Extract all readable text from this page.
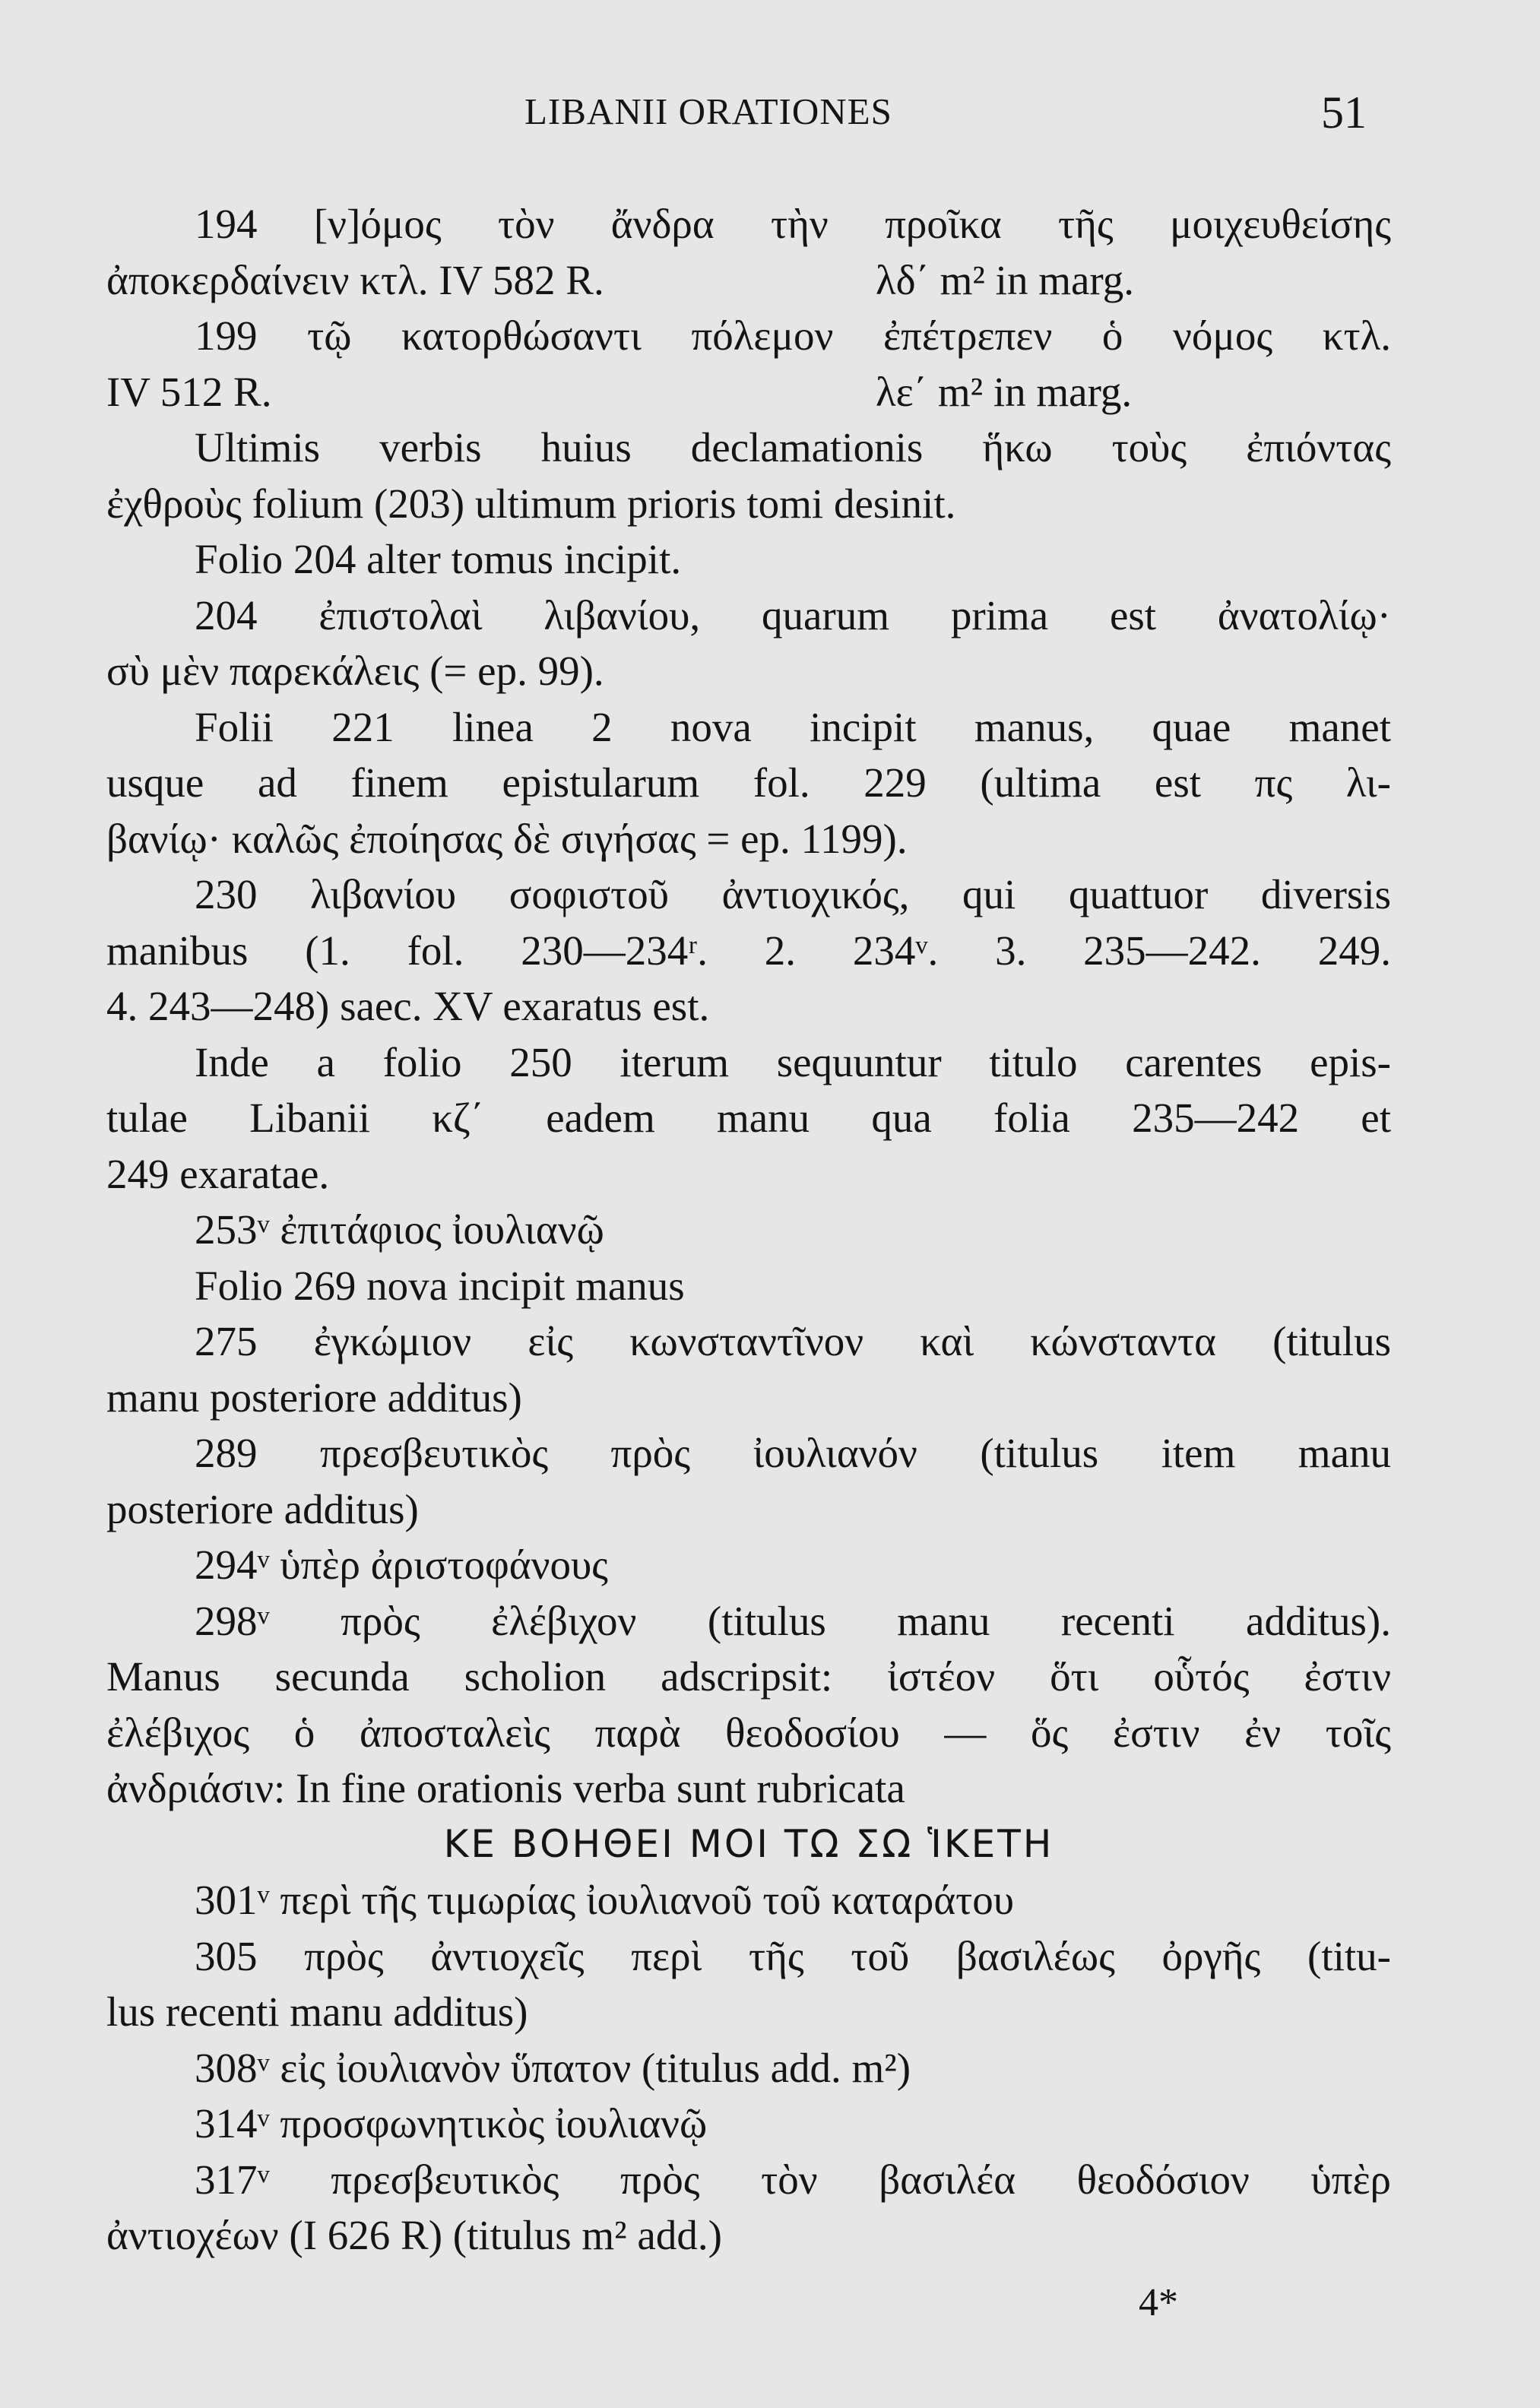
LIBANII ORATIONES	51
194 [ν]όμος τὸν ἄνδρα τὴν προῖκα τῆς μοιχευθείσης
ἀποκερδαίνειν κτλ. IV 582 R.	λδ΄ m² in marg.
199 τῷ κατορθώσαντι πόλεμον ἐπέτρεπεν ὁ νόμος κτλ.
IV 512 R.	λε΄ m² in marg.
Ultimis verbis huius declamationis ἥκω τοὺς ἐπιόντας
ἐχθροὺς folium (203) ultimum prioris tomi desinit.
Folio 204 alter tomus incipit.
204 ἐπιστολαὶ λιβανίου, quarum prima est ἀνατολίῳ·
σὺ μὲν παρεκάλεις (= ep. 99).
Folii 221 linea 2 nova incipit manus, quae manet
usque ad finem epistularum fol. 229 (ultima est πς λι-
βανίῳ· καλῶς ἐποίησας δὲ σιγήσας = ep. 1199).
230 λιβανίου σοφιστοῦ ἀντιοχικός, qui quattuor diversis
manibus (1. fol. 230—234ʳ. 2. 234ᵛ. 3. 235—242. 249.
4. 243—248) saec. XV exaratus est.
Inde a folio 250 iterum sequuntur titulo carentes epis-
tulae Libanii κζ΄ eadem manu qua folia 235—242 et
249 exaratae.
253ᵛ ἐπιτάφιος ἰουλιανῷ
Folio 269 nova incipit manus
275 ἐγκώμιον εἰς κωνσταντῖνον καὶ κώνσταντα (titulus
manu posteriore additus)
289 πρεσβευτικὸς πρὸς ἰουλιανόν (titulus item manu
posteriore additus)
294ᵛ ὑπὲρ ἀριστοφάνους
298ᵛ πρὸς ἐλέβιχον (titulus manu recenti additus).
Manus secunda scholion adscripsit: ἰστέον ὅτι οὗτός ἐστιν
ἐλέβιχος ὁ ἀποσταλεὶς παρὰ θεοδοσίου — ὅς ἐστιν ἐν τοῖς
ἀνδριάσιν: In fine orationis verba sunt rubricata
ΚΕ ΒΟΗΘΕΙ ΜΟΙ ΤΩ ΣΩ ἹΚΕΤΗ
301ᵛ περὶ τῆς τιμωρίας ἰουλιανοῦ τοῦ καταράτου
305 πρὸς ἀντιοχεῖς περὶ τῆς τοῦ βασιλέως ὀργῆς (titu-
lus recenti manu additus)
308ᵛ εἰς ἰουλιανὸν ὕπατον (titulus add. m²)
314ᵛ προσφωνητικὸς ἰουλιανῷ
317ᵛ πρεσβευτικὸς πρὸς τὸν βασιλέα θεοδόσιον ὑπὲρ
ἀντιοχέων (I 626 R) (titulus m² add.)
4*
